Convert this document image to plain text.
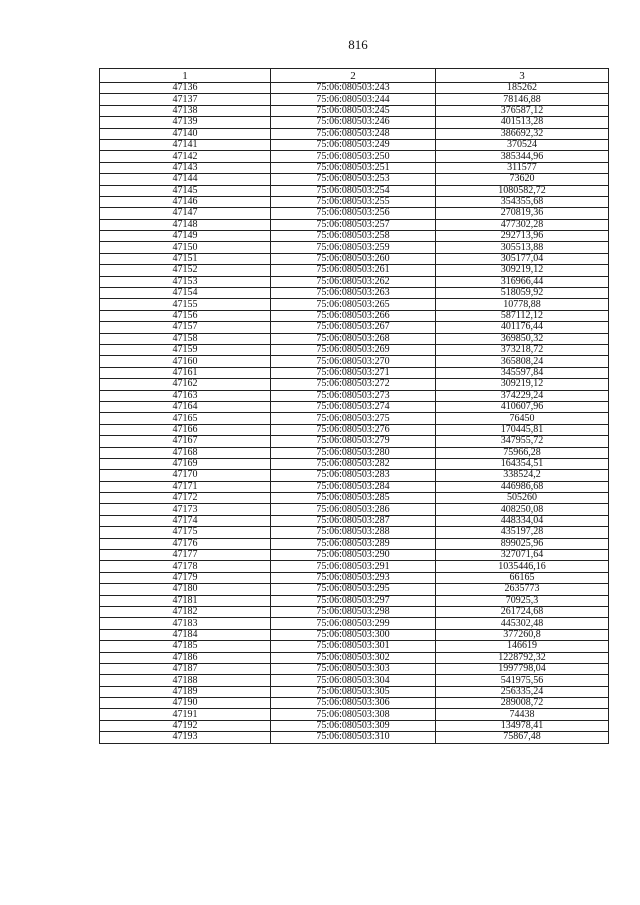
816
1	2	3
47136	75:06:080503:243	185262
47137	75:06:080503:244	78146,88
47138	75:06:080503:245	376587,12
47139	75:06:080503:246	401513,28
47140	75:06:080503:248	386692,32
47141	75:06:080503:249	370524
47142	75:06:080503:250	385344,96
47143	75:06:080503:251	311577
47144	75:06:080503:253	73620
47145	75:06:080503:254	1080582,72
47146	75:06:080503:255	354355,68
47147	75:06:080503:256	270819,36
47148	75:06:080503:257	477302,28
47149	75:06:080503:258	292713,96
47150	75:06:080503:259	305513,88
47151	75:06:080503:260	305177,04
47152	75:06:080503:261	309219,12
47153	75:06:080503:262	316966,44
47154	75:06:080503:263	518059,92
47155	75:06:080503:265	10778,88
47156	75:06:080503:266	587112,12
47157	75:06:080503:267	401176,44
47158	75:06:080503:268	369850,32
47159	75:06:080503:269	373218,72
47160	75:06:080503:270	365808,24
47161	75:06:080503:271	345597,84
47162	75:06:080503:272	309219,12
47163	75:06:080503:273	374229,24
47164	75:06:080503:274	410607,96
47165	75:06:080503:275	76450
47166	75:06:080503:276	170445,81
47167	75:06:080503:279	347955,72
47168	75:06:080503:280	75966,28
47169	75:06:080503:282	164354,51
47170	75:06:080503:283	338524,2
47171	75:06:080503:284	446986,68
47172	75:06:080503:285	505260
47173	75:06:080503:286	408250,08
47174	75:06:080503:287	448334,04
47175	75:06:080503:288	435197,28
47176	75:06:080503:289	899025,96
47177	75:06:080503:290	327071,64
47178	75:06:080503:291	1035446,16
47179	75:06:080503:293	66165
47180	75:06:080503:295	2635773
47181	75:06:080503:297	70925,3
47182	75:06:080503:298	261724,68
47183	75:06:080503:299	445302,48
47184	75:06:080503:300	377260,8
47185	75:06:080503:301	146619
47186	75:06:080503:302	1228792,32
47187	75:06:080503:303	1997798,04
47188	75:06:080503:304	541975,56
47189	75:06:080503:305	256335,24
47190	75:06:080503:306	289008,72
47191	75:06:080503:308	74438
47192	75:06:080503:309	134978,41
47193	75:06:080503:310	75867,48
